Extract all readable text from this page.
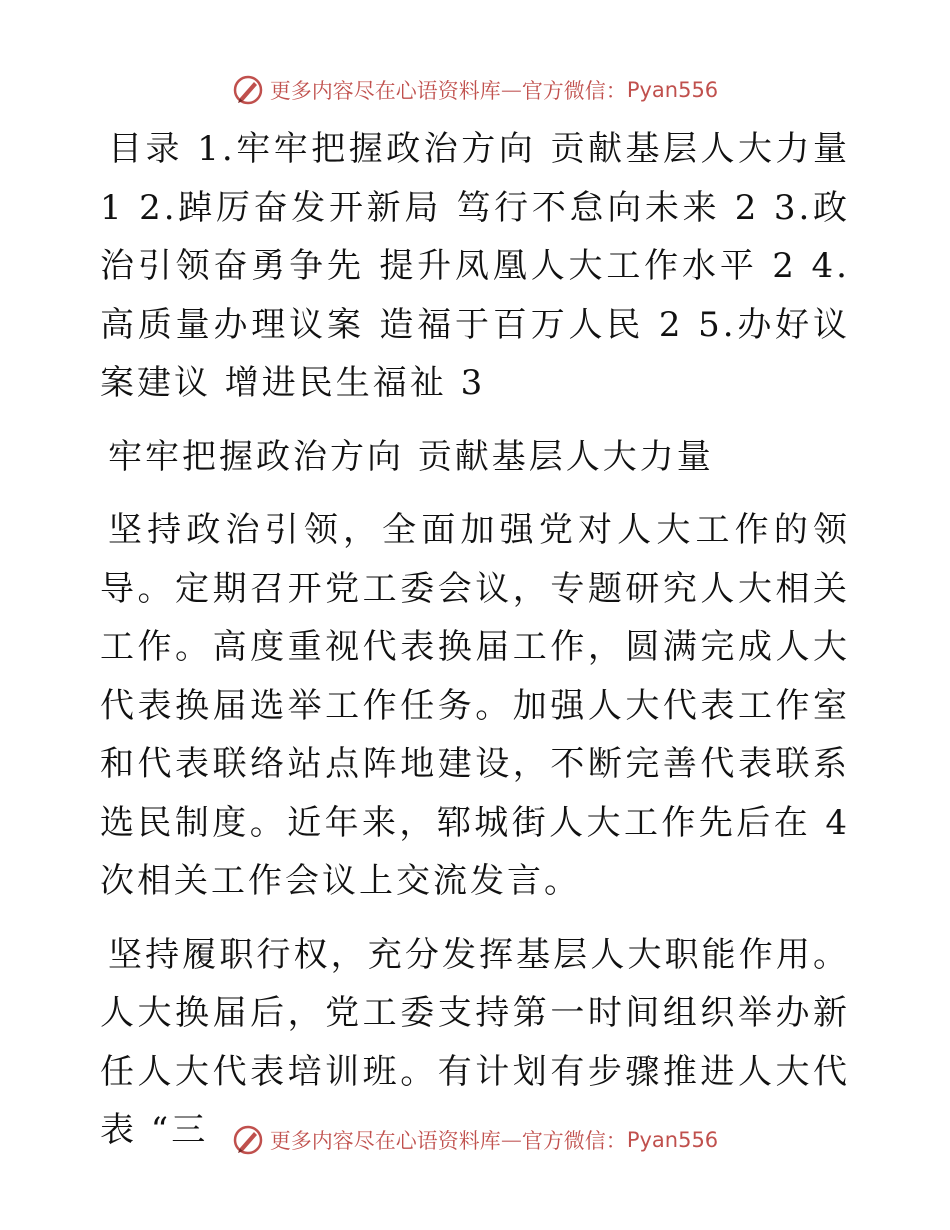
更多内容尽在心语资料库 — 官方微信： Pyan556

目录 1.牢牢把握政治方向 贡献基层人大力量 1 2.踔厉奋发开新局 笃行不怠向未来 2 3.政治引领奋勇争先 提升凤凰人大工作水平 2 4.高质量办理议案 造福于百万人民 2 5.办好议案建议 增进民生福祉 3

牢牢把握政治方向 贡献基层人大力量

坚持政治引领，全面加强党对人大工作的领导。定期召开党工委会议，专题研究人大相关工作。高度重视代表换届工作，圆满完成人大代表换届选举工作任务。加强人大代表工作室和代表联络站点阵地建设，不断完善代表联系选民制度。近年来，郓城街人大工作先后在 4 次相关工作会议上交流发言。

坚持履职行权，充分发挥基层人大职能作用。人大换届后，党工委支持第一时间组织举办新任人大代表培训班。有计划有步骤推进人大代表 “三	更多内容尽在心语资料库 — 官方微信： Pyan556
